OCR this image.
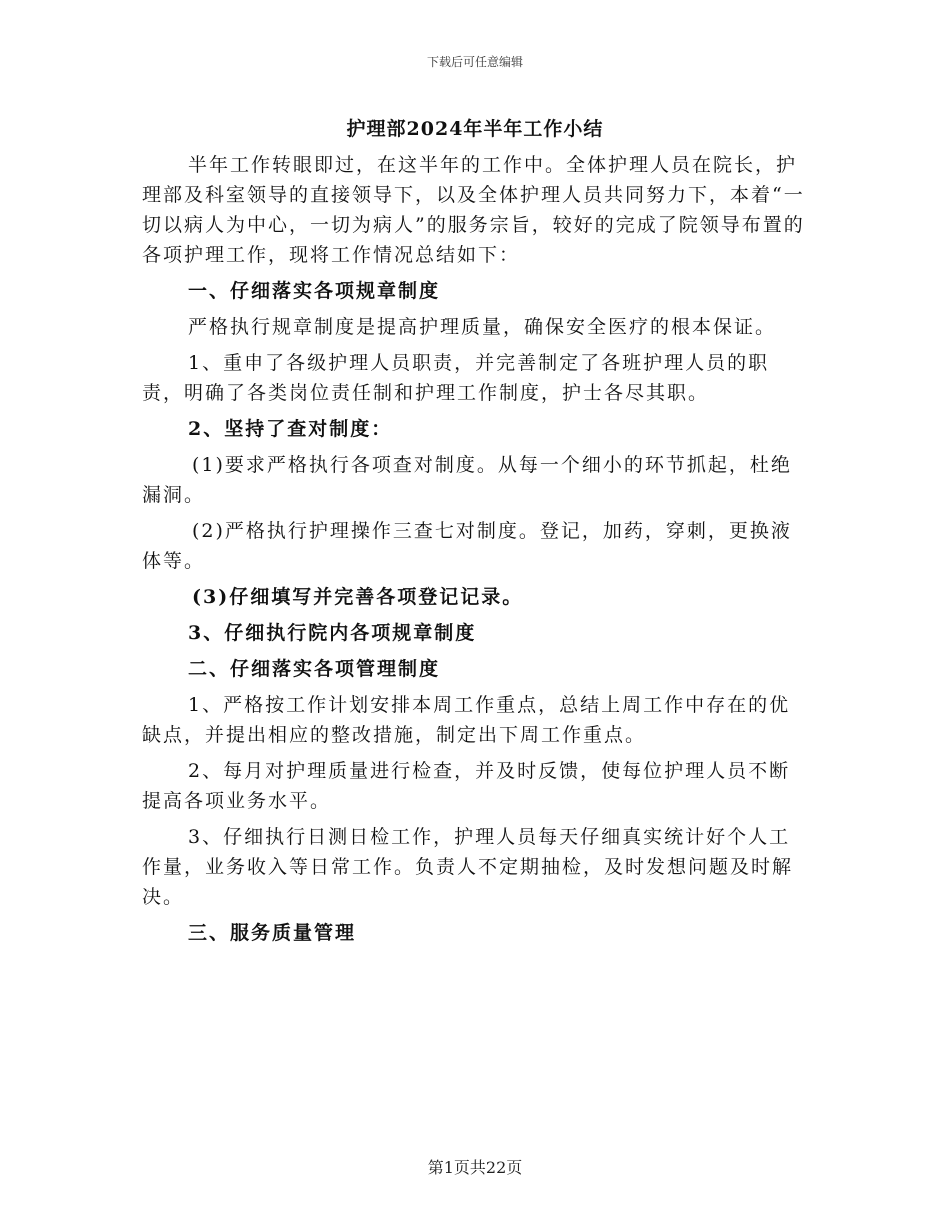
下载后可任意编辑
护理部2024年半年工作小结

半年工作转眼即过，在这半年的工作中。全体护理人员在院长，护理部及科室领导的直接领导下，以及全体护理人员共同努力下，本着“一切以病人为中心，一切为病人”的服务宗旨，较好的完成了院领导布置的各项护理工作，现将工作情况总结如下：

一、仔细落实各项规章制度

严格执行规章制度是提高护理质量，确保安全医疗的根本保证。

1、重申了各级护理人员职责，并完善制定了各班护理人员的职责，明确了各类岗位责任制和护理工作制度，护士各尽其职。

2、坚持了查对制度：

(1)要求严格执行各项查对制度。从每一个细小的环节抓起，杜绝漏洞。

(2)严格执行护理操作三查七对制度。登记，加药，穿刺，更换液体等。

(3)仔细填写并完善各项登记记录。

3、仔细执行院内各项规章制度

二、仔细落实各项管理制度

1、严格按工作计划安排本周工作重点，总结上周工作中存在的优缺点，并提出相应的整改措施，制定出下周工作重点。

2、每月对护理质量进行检查，并及时反馈，使每位护理人员不断提高各项业务水平。

3、仔细执行日测日检工作，护理人员每天仔细真实统计好个人工作量，业务收入等日常工作。负责人不定期抽检，及时发想问题及时解决。

三、服务质量管理

第1页共22页
